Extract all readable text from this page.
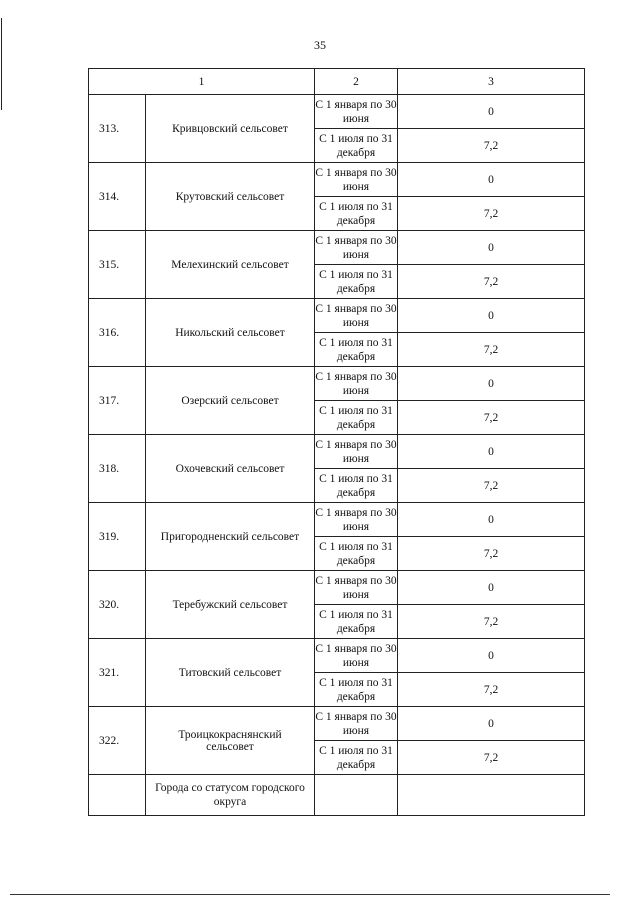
35
1		2	3
313.	Кривцовский сельсовет	С 1 января по 30 июня	0
		С 1 июля по 31 декабря	7,2
314.	Крутовский сельсовет	С 1 января по 30 июня	0
		С 1 июля по 31 декабря	7,2
315.	Мелехинский сельсовет	С 1 января по 30 июня	0
		С 1 июля по 31 декабря	7,2
316.	Никольский сельсовет	С 1 января по 30 июня	0
		С 1 июля по 31 декабря	7,2
317.	Озерский сельсовет	С 1 января по 30 июня	0
		С 1 июля по 31 декабря	7,2
318.	Охочевский сельсовет	С 1 января по 30 июня	0
		С 1 июля по 31 декабря	7,2
319.	Пригородненский сельсовет	С 1 января по 30 июня	0
		С 1 июля по 31 декабря	7,2
320.	Теребужский сельсовет	С 1 января по 30 июня	0
		С 1 июля по 31 декабря	7,2
321.	Титовский сельсовет	С 1 января по 30 июня	0
		С 1 июля по 31 декабря	7,2
322.	Троицкокраснянский сельсовет	С 1 января по 30 июня	0
		С 1 июля по 31 декабря	7,2
	Города со статусом городского округа		
